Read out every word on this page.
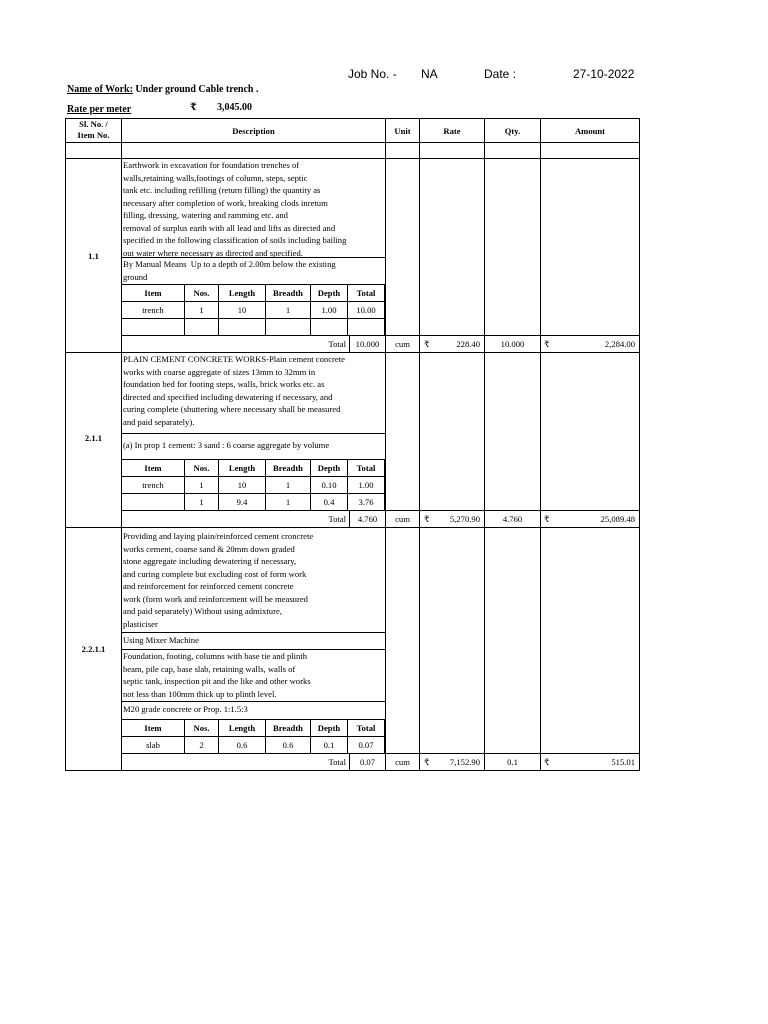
Job No. - NA	Date :	27-10-2022
Name of Work: Under ground Cable trench .
Rate per meter	₹ 3,045.00
Sl. No. /
Item No.	Description	Unit	Rate	Qty.	Amount
1.1
Earthwork in excavation for foundation trenches of
walls,retaining walls,footings of column, steps, septic
tank etc. including refilling (return filling) the quantity as
necessary after completion of work, breaking clods inretum
filling, dressing, watering and ramming etc. and
removal of surplus earth with all lead and lifts as directed and
specified in the following classification of soils including bailing
out water where necessary as directed and specified.
By Manual Means  Up to a depth of 2.00m below the existing
ground
Item	Nos.	Length	Breadth	Depth	Total
trench	1	10	1	1.00	10.00

Total	10.000	cum	₹	228.40	10.000	₹	2,284.00
2.1.1
PLAIN CEMENT CONCRETE WORKS-Plain cement concrete
works with coarse aggregate of sizes 13mm to 32mm in
foundation bed for footing steps, walls, brick works etc. as
directed and specified including dewatering if necessary, and
curing complete (shuttering where necessary shall be measured
and paid separately).
(a) In prop 1 cement: 3 sand : 6 coarse aggregate by volume
Item	Nos.	Length	Breadth	Depth	Total
trench	1	10	1	0.10	1.00
	1	9.4	1	0.4	3.76
Total	4.760	cum	₹	5,270.90	4.760	₹	25,089.48
2.2.1.1
Providing and laying plain/reinforced cement croncrete
works cement, coarse sand & 20mm down graded
stone aggregate including dewatering if necessary,
and curing complete but excluding cost of form work
and reinforcement for reinforced cement concrete
work (form work and reinforcement will be measured
and paid separately) Without using admixture,
plasticiser
Using Mixer Machine
Foundation, footing, columns with base tie and plinth
beam, pile cap, base slab, retaining walls, walls of
septic tank, inspection pit and the like and other works
not less than 100mm thick up to plinth level.
M20 grade concrete or Prop. 1:1.5:3
Item	Nos.	Length	Breadth	Depth	Total
slab	2	0.6	0.6	0.1	0.07
Total	0.07	cum	₹	7,152.90	0.1	₹	515.01
